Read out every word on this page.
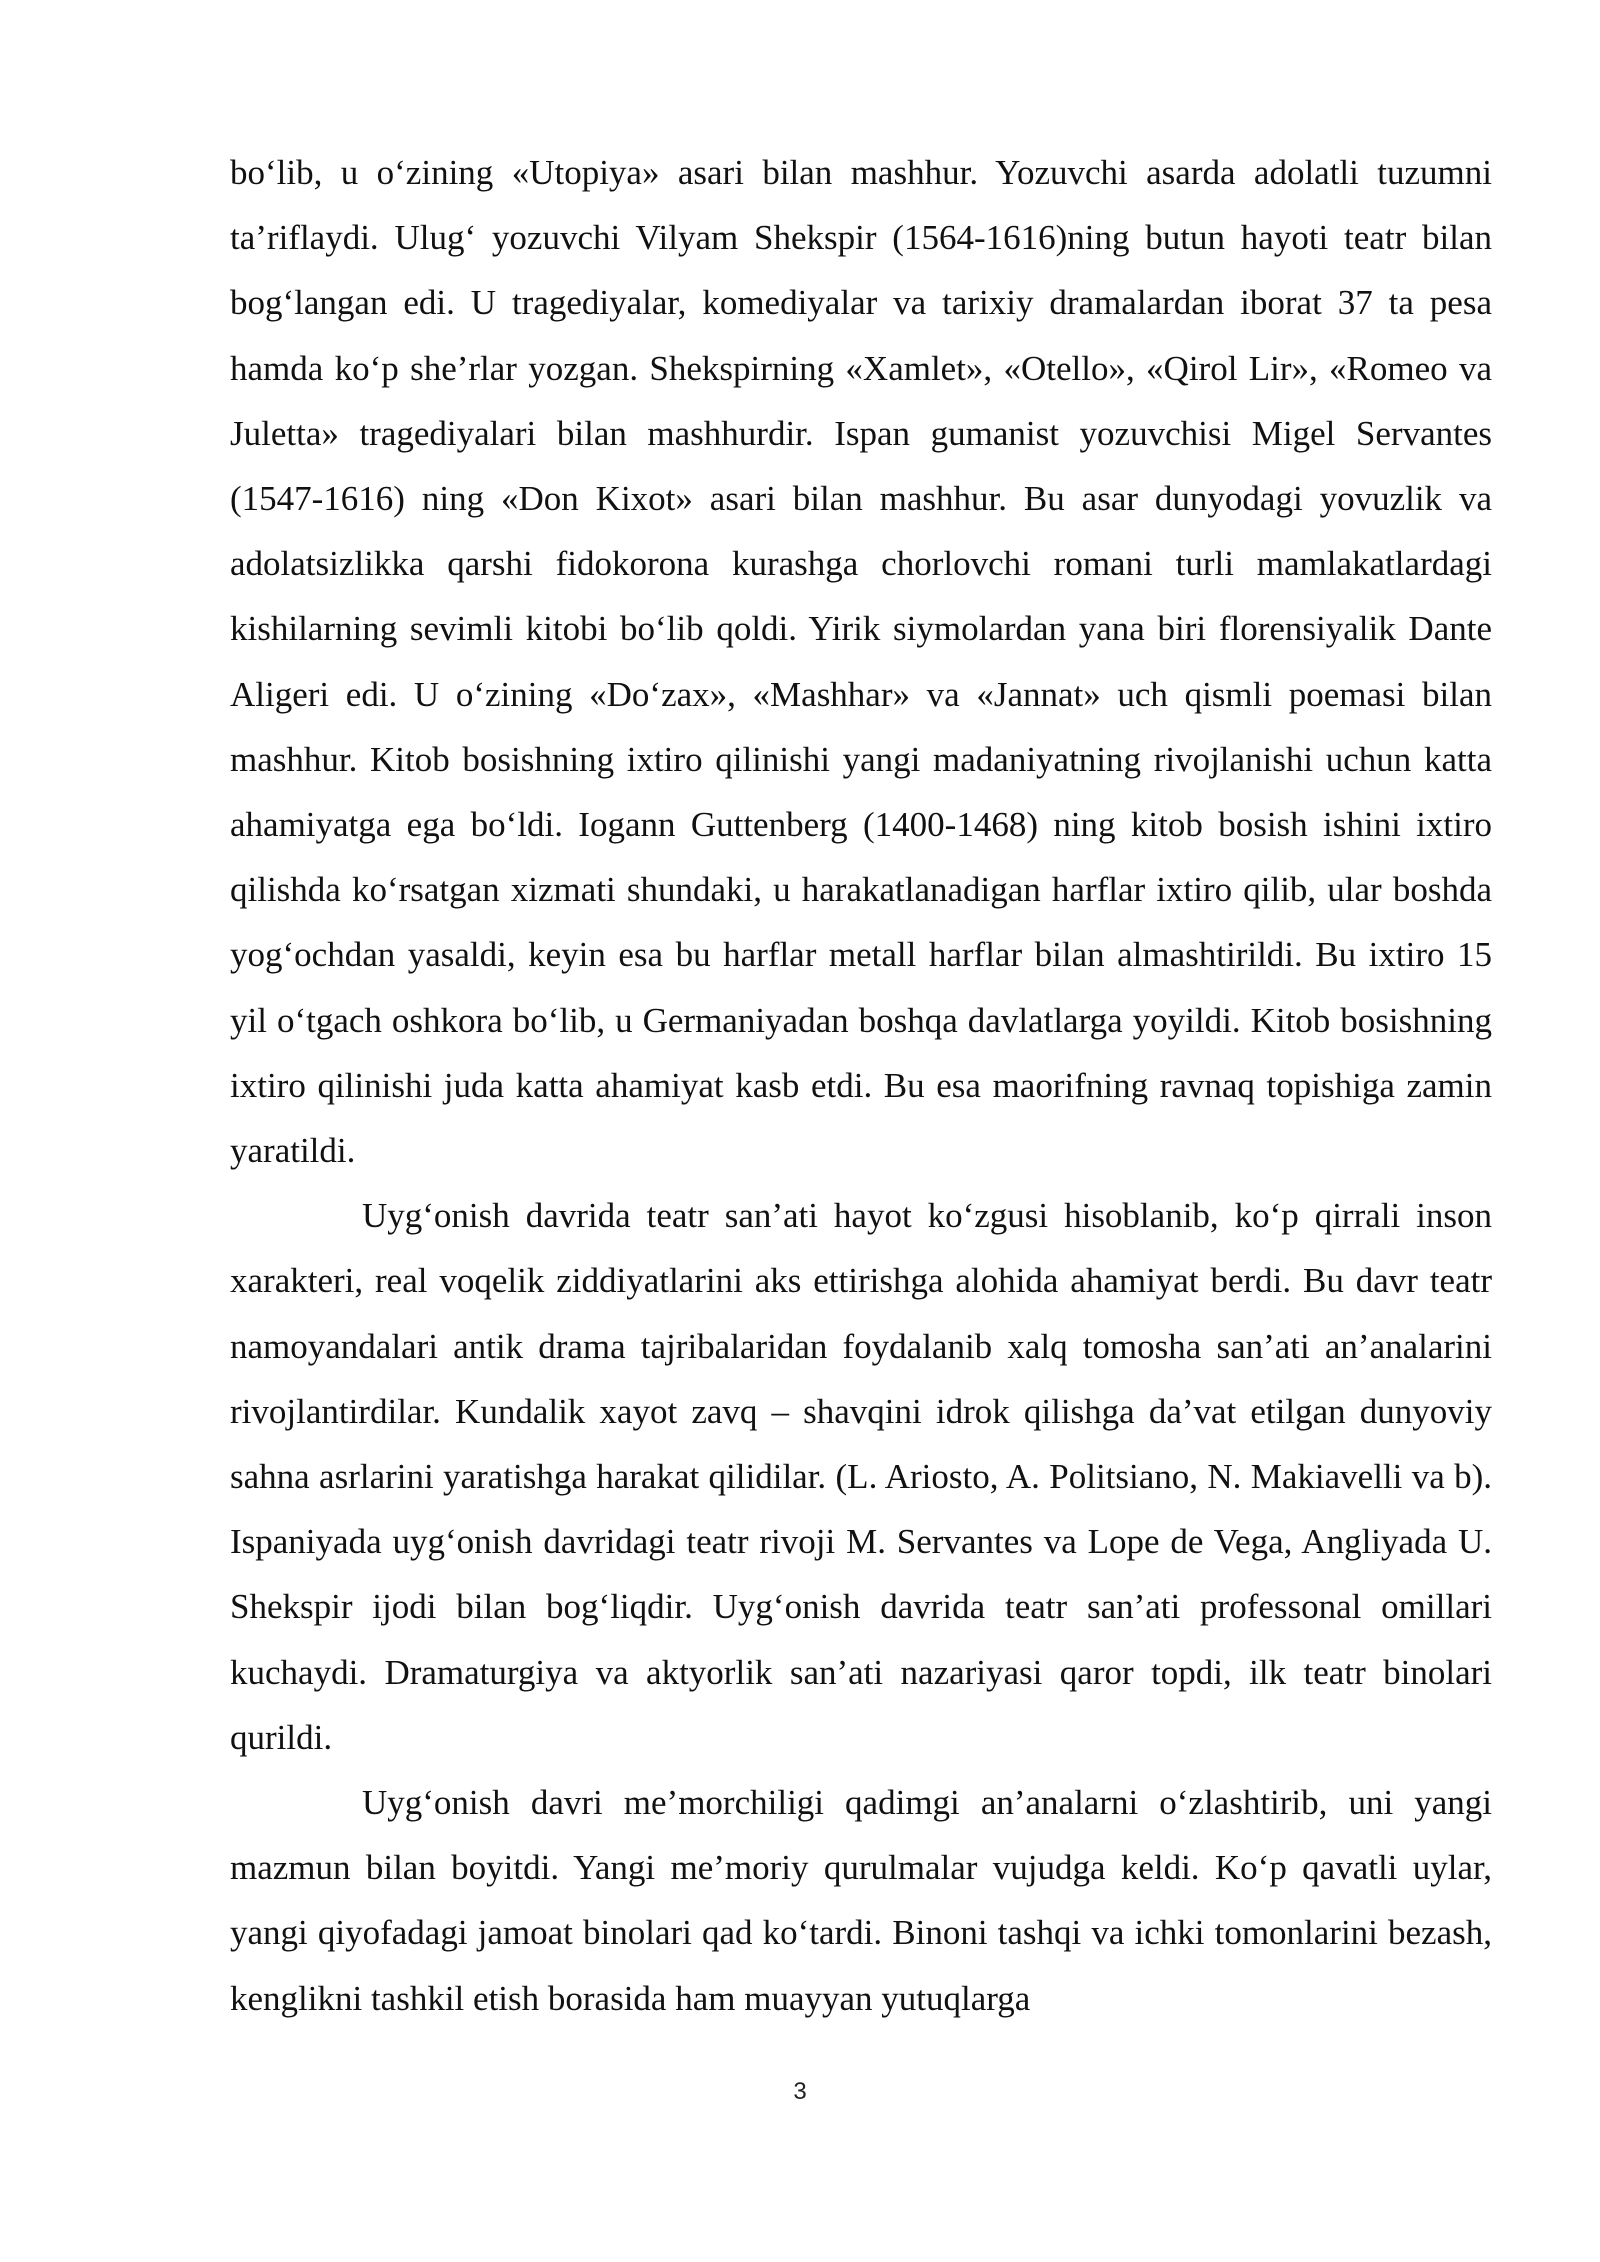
bo‘lib, u o‘zining «Utopiya» asari bilan mashhur. Yozuvchi asarda adolatli tuzumni ta’riflaydi. Ulug‘ yozuvchi Vilyam Shekspir (1564-1616)ning butun hayoti teatr bilan bog‘langan edi. U tragediyalar, komediyalar va tarixiy dramalardan iborat 37 ta pesa hamda ko‘p she’rlar yozgan. Shekspirning «Xamlet», «Otello», «Qirol Lir», «Romeo va Juletta» tragediyalari bilan mashhurdir. Ispan gumanist yozuvchisi Migel Servantes (1547-1616) ning «Don Kixot» asari bilan mashhur. Bu asar dunyodagi yovuzlik va adolatsizlikka qarshi fidokorona kurashga chorlovchi romani turli mamlakatlardagi kishilarning sevimli kitobi bo‘lib qoldi. Yirik siymolardan yana biri florensiyalik Dante Aligeri edi. U o‘zining «Do‘zax», «Mashhar» va «Jannat» uch qismli poemasi bilan mashhur. Kitob bosishning ixtiro qilinishi yangi madaniyatning rivojlanishi uchun katta ahamiyatga ega bo‘ldi. Iogann Guttenberg (1400-1468) ning kitob bosish ishini ixtiro qilishda ko‘rsatgan xizmati shundaki, u harakatlanadigan harflar ixtiro qilib, ular boshda yog‘ochdan yasaldi, keyin esa bu harflar metall harflar bilan almashtirildi. Bu ixtiro 15 yil o‘tgach oshkora bo‘lib, u Germaniyadan boshqa davlatlarga yoyildi. Kitob bosishning ixtiro qilinishi juda katta ahamiyat kasb etdi. Bu esa maorifning ravnaq topishiga zamin yaratildi.

Uyg‘onish davrida teatr san’ati hayot ko‘zgusi hisoblanib, ko‘p qirrali inson xarakteri, real voqelik ziddiyatlarini aks ettirishga alohida ahamiyat berdi. Bu davr teatr namoyandalari antik drama tajribalaridan foydalanib xalq tomosha san’ati an’analarini rivojlantirdilar. Kundalik xayot zavq – shavqini idrok qilishga da’vat etilgan dunyoviy sahna asrlarini yaratishga harakat qilidilar. (L. Ariosto, A. Politsiano, N. Makiavelli va b). Ispaniyada uyg‘onish davridagi teatr rivoji M. Servantes va Lope de Vega, Angliyada U. Shekspir ijodi bilan bog‘liqdir. Uyg‘onish davrida teatr san’ati professonal omillari kuchaydi. Dramaturgiya va aktyorlik san’ati nazariyasi qaror topdi, ilk teatr binolari qurildi.

Uyg‘onish davri me’morchiligi qadimgi an’analarni o‘zlashtirib, uni yangi mazmun bilan boyitdi. Yangi me’moriy qurulmalar vujudga keldi. Ko‘p qavatli uylar, yangi qiyofadagi jamoat binolari qad ko‘tardi. Binoni tashqi va ichki tomonlarini bezash, kenglikni tashkil etish borasida ham muayyan yutuqlarga

3
